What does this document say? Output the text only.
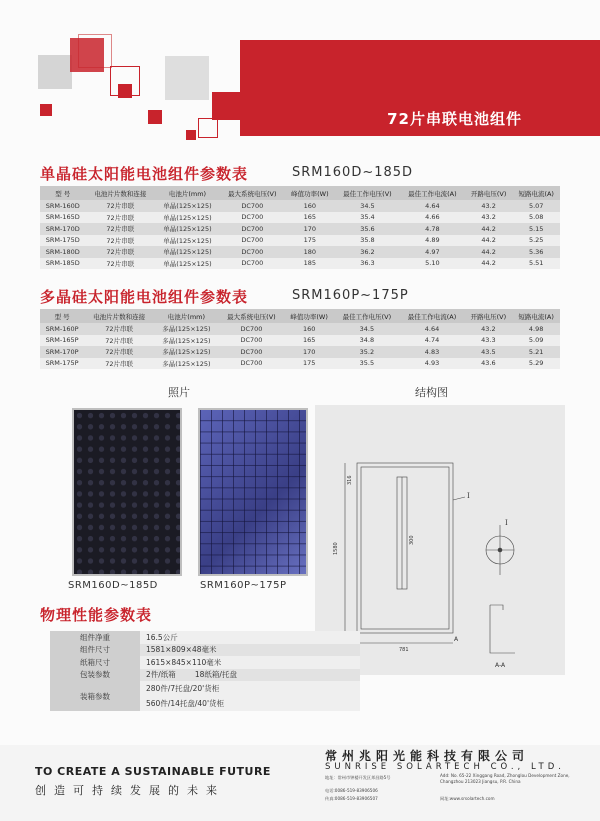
72片串联电池组件
单晶硅太阳能电池组件参数表	SRM160D~185D
型 号	电池片片数和连接	电池片(mm)	最大系统电压(V)	峰值功率(W)	最佳工作电压(V)	最佳工作电流(A)	开路电压(V)	短路电流(A)
SRM-160D	72片串联	单晶(125×125)	DC700	160	34.5	4.64	43.2	5.07
SRM-165D	72片串联	单晶(125×125)	DC700	165	35.4	4.66	43.2	5.08
SRM-170D	72片串联	单晶(125×125)	DC700	170	35.6	4.78	44.2	5.15
SRM-175D	72片串联	单晶(125×125)	DC700	175	35.8	4.89	44.2	5.25
SRM-180D	72片串联	单晶(125×125)	DC700	180	36.2	4.97	44.2	5.36
SRM-185D	72片串联	单晶(125×125)	DC700	185	36.3	5.10	44.2	5.51
多晶硅太阳能电池组件参数表	SRM160P~175P
型 号	电池片片数和连接	电池片(mm)	最大系统电压(V)	峰值功率(W)	最佳工作电压(V)	最佳工作电流(A)	开路电压(V)	短路电流(A)
SRM-160P	72片串联	多晶(125×125)	DC700	160	34.5	4.64	43.2	4.98
SRM-165P	72片串联	多晶(125×125)	DC700	165	34.8	4.74	43.3	5.09
SRM-170P	72片串联	多晶(125×125)	DC700	170	35.2	4.83	43.5	5.21
SRM-175P	72片串联	多晶(125×125)	DC700	175	35.5	4.93	43.6	5.29
照片
SRM160D~185D	SRM160P~175P
结构图
I
I
A
781
1580
300
316
A-A
物理性能参数表
组件净重	16.5公斤
组件尺寸	1581×809×48毫米
纸箱尺寸	1615×845×110毫米
包装参数	2件/纸箱        18纸箱/托盘
装箱参数	280件/7托盘/20'货柜
	560件/14托盘/40'货柜
TO CREATE A SUSTAINABLE FUTURE
创造可持续发展的未来
常州兆阳光能科技有限公司
SUNRISE SOLARTECH CO., LTD.
地址：常州市钟楼开发区邦昌路5号	Add: No. 65-22 Xinggang Road, Zhonglou Development Zone, Changzhou 213023 Jiangsu, P.R. China
电话:0086-519-83906506
传真:0086-519-83906507	网址:www.srsolartech.com
